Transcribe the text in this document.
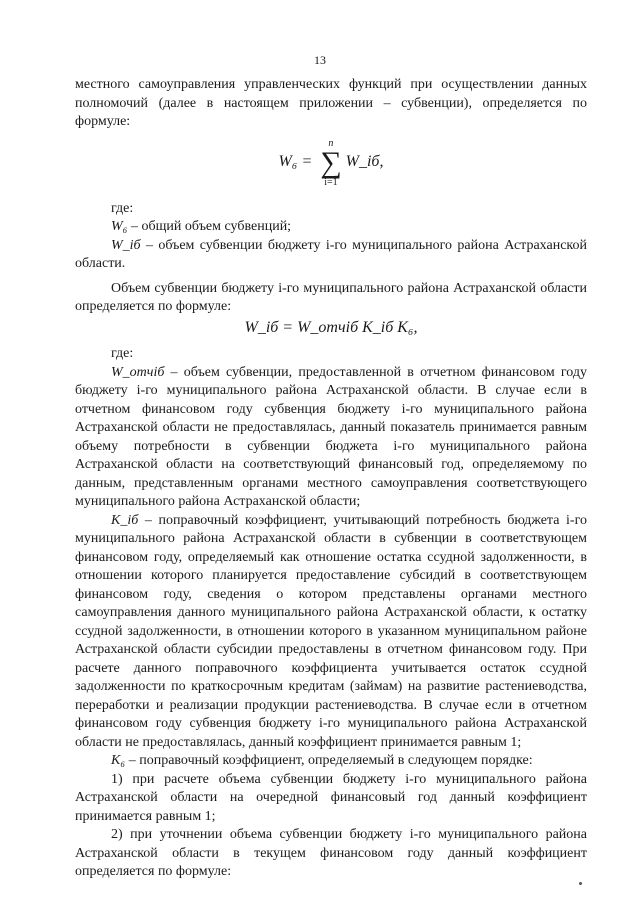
13

местного самоуправления управленческих функций при осуществлении данных полномочий (далее в настоящем приложении – субвенции), определяется по формуле:

W₆ =
n
∑
i=1
W_iб,

где:

W₆ – общий объем субвенций;

W_iб – объем субвенции бюджету i-го муниципального района Астраханской области.

Объем субвенции бюджету i-го муниципального района Астраханской области определяется по формуле:

W_iб = W_отчiб K_iб K₆,

где:

W_отчiб – объем субвенции, предоставленной в отчетном финансовом году бюджету i-го муниципального района Астраханской области. В случае если в отчетном финансовом году субвенция бюджету i-го муниципального района Астраханской области не предоставлялась, данный показатель принимается равным объему потребности в субвенции бюджета i-го муниципального района Астраханской области на соответствующий финансовый год, определяемому по данным, представленным органами местного самоуправления соответствующего муниципального района Астраханской области;

K_iб – поправочный коэффициент, учитывающий потребность бюджета i-го муниципального района Астраханской области в субвенции в соответствующем финансовом году, определяемый как отношение остатка ссудной задолженности, в отношении которого планируется предоставление субсидий в соответствующем финансовом году, сведения о котором представлены органами местного самоуправления данного муниципального района Астраханской области, к остатку ссудной задолженности, в отношении которого в указанном муниципальном районе Астраханской области субсидии предоставлены в отчетном финансовом году. При расчете данного поправочного коэффициента учитывается остаток ссудной задолженности по краткосрочным кредитам (займам) на развитие растениеводства, переработки и реализации продукции растениеводства. В случае если в отчетном финансовом году субвенция бюджету i-го муниципального района Астраханской области не предоставлялась, данный коэффициент принимается равным 1;

K₆ – поправочный коэффициент, определяемый в следующем порядке:

1) при расчете объема субвенции бюджету i-го муниципального района Астраханской области на очередной финансовый год данный коэффициент принимается равным 1;

2) при уточнении объема субвенции бюджету i-го муниципального района Астраханской области в текущем финансовом году данный коэффициент определяется по формуле:
